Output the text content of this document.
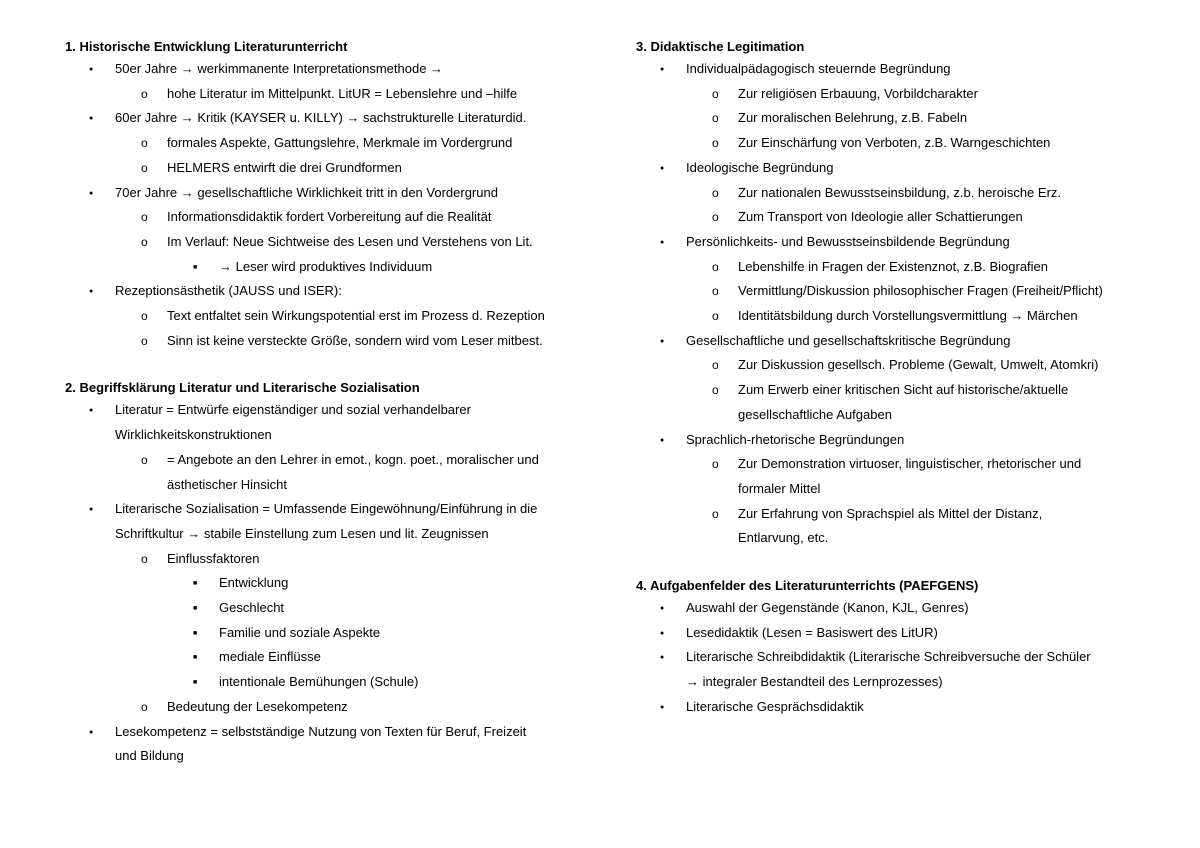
1. Historische Entwicklung Literaturunterricht
●
50er Jahre → werkimmanente Interpretationsmethode →
o
hohe Literatur im Mittelpunkt. LitUR = Lebenslehre und –hilfe
●
60er Jahre → Kritik (KAYSER u. KILLY) → sachstrukturelle Literaturdid.
o
formales Aspekte, Gattungslehre, Merkmale im Vordergrund
o
HELMERS entwirft die drei Grundformen
●
70er Jahre → gesellschaftliche Wirklichkeit tritt in den Vordergrund
o
Informationsdidaktik fordert Vorbereitung auf die Realität
o
Im Verlauf: Neue Sichtweise des Lesen und Verstehens von Lit.
■
→ Leser wird produktives Individuum
●
Rezeptionsästhetik (JAUSS und ISER):
o
Text entfaltet sein Wirkungspotential erst im Prozess d. Rezeption
o
Sinn ist keine versteckte Größe, sondern wird vom Leser mitbest.
2. Begriffsklärung Literatur und Literarische Sozialisation
●
Literatur = Entwürfe eigenständiger und sozial verhandelbarer
Wirklichkeitskonstruktionen
o
= Angebote an den Lehrer in emot., kogn. poet., moralischer und
ästhetischer Hinsicht
●
Literarische Sozialisation = Umfassende Eingewöhnung/Einführung in die
Schriftkultur → stabile Einstellung zum Lesen und lit. Zeugnissen
o
Einflussfaktoren
■
Entwicklung
■
Geschlecht
■
Familie und soziale Aspekte
■
mediale Einflüsse
■
intentionale Bemühungen (Schule)
o
Bedeutung der Lesekompetenz
●
Lesekompetenz = selbstständige Nutzung von Texten für Beruf, Freizeit
und Bildung
3. Didaktische Legitimation
●
Individualpädagogisch steuernde Begründung
o
Zur religiösen Erbauung, Vorbildcharakter
o
Zur moralischen Belehrung, z.B. Fabeln
o
Zur Einschärfung von Verboten, z.B. Warngeschichten
●
Ideologische Begründung
o
Zur nationalen Bewusstseinsbildung, z.b. heroische Erz.
o
Zum Transport von Ideologie aller Schattierungen
●
Persönlichkeits- und Bewusstseinsbildende Begründung
o
Lebenshilfe in Fragen der Existenznot, z.B. Biografien
o
Vermittlung/Diskussion philosophischer Fragen (Freiheit/Pflicht)
o
Identitätsbildung durch Vorstellungsvermittlung → Märchen
●
Gesellschaftliche und gesellschaftskritische Begründung
o
Zur Diskussion gesellsch. Probleme (Gewalt, Umwelt, Atomkri)
o
Zum Erwerb einer kritischen Sicht auf historische/aktuelle
gesellschaftliche Aufgaben
●
Sprachlich-rhetorische Begründungen
o
Zur Demonstration virtuoser, linguistischer, rhetorischer und
formaler Mittel
o
Zur Erfahrung von Sprachspiel als Mittel der Distanz,
Entlarvung, etc.
4. Aufgabenfelder des Literaturunterrichts (PAEFGENS)
●
Auswahl der Gegenstände (Kanon, KJL, Genres)
●
Lesedidaktik (Lesen = Basiswert des LitUR)
●
Literarische Schreibdidaktik (Literarische Schreibversuche der Schüler
→ integraler Bestandteil des Lernprozesses)
●
Literarische Gesprächsdidaktik
